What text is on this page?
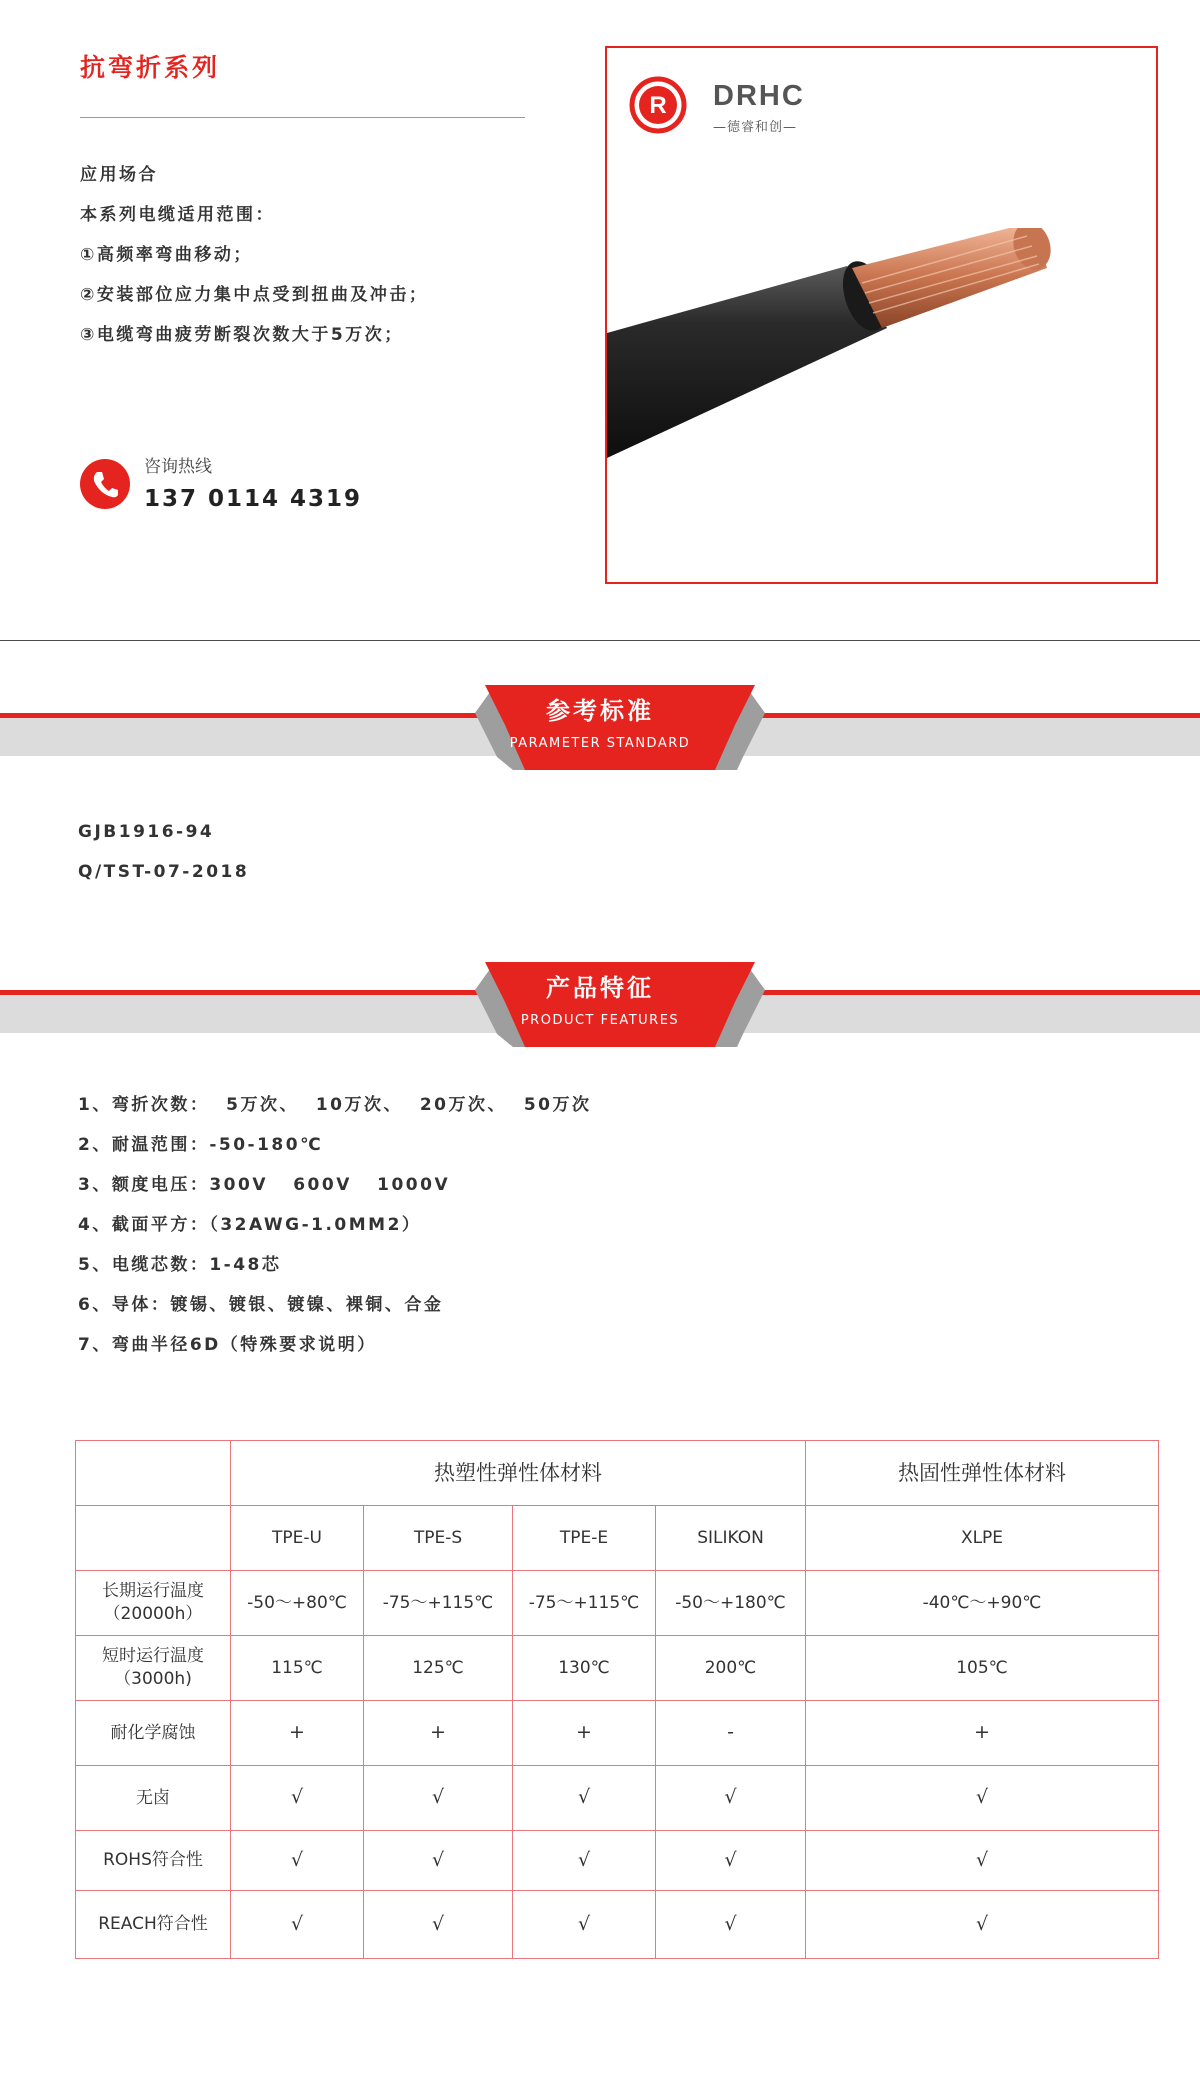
抗弯折系列
应用场合
本系列电缆适用范围：
①高频率弯曲移动；
②安装部位应力集中点受到扭曲及冲击；
③电缆弯曲疲劳断裂次数大于5万次；
咨询热线
137 0114 4319
R DRHC
—德睿和创—
参考标准
PARAMETER STANDARD
GJB1916-94
Q/TST-07-2018
产品特征
PRODUCT FEATURES
1、弯折次数：  5万次、  10万次、  20万次、  50万次
2、耐温范围：-50-180℃
3、额度电压：300V   600V   1000V
4、截面平方：（32AWG-1.0MM2）
5、电缆芯数：1-48芯
6、导体：镀锡、镀银、镀镍、裸铜、合金
7、弯曲半径6D（特殊要求说明）
	热塑性弹性体材料				热固性弹性体材料
	TPE-U	TPE-S	TPE-E	SILIKON	XLPE
长期运行温度
（20000h）	-50～+80℃	-75～+115℃	-75～+115℃	-50～+180℃	-40℃～+90℃
短时运行温度
（3000h)	115℃	125℃	130℃	200℃	105℃
耐化学腐蚀	+	+	+	-	+
无卤	√	√	√	√	√
ROHS符合性	√	√	√	√	√
REACH符合性	√	√	√	√	√
